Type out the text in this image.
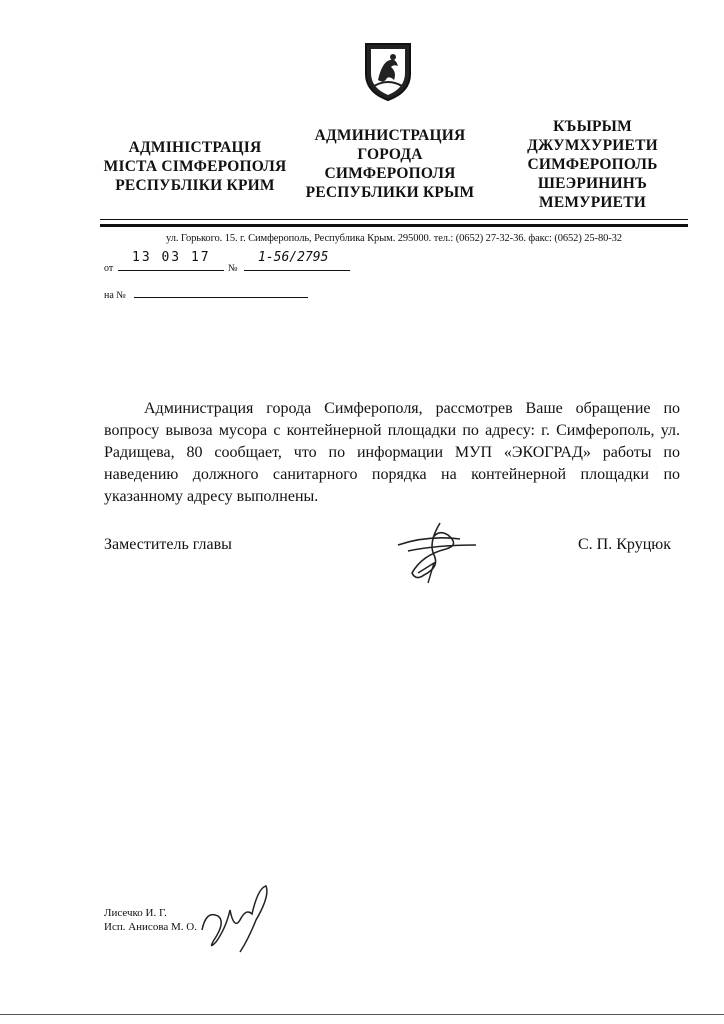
АДМІНІСТРАЦІЯ
МІСТА СІМФЕРОПОЛЯ
РЕСПУБЛІКИ КРИМ
АДМИНИСТРАЦИЯ
ГОРОДА
СИМФЕРОПОЛЯ
РЕСПУБЛИКИ КРЫМ
КЪЫРЫМ
ДЖУМХУРИЕТИ
СИМФЕРОПОЛЬ
ШЕЭРИНИНЪ
МЕМУРИЕТИ
ул. Горького. 15. г. Симферополь, Республика Крым. 295000. тел.: (0652) 27-32-36. факс: (0652) 25-80-32
от
13 03 17
№
1-56/2795
на №
Администрация города Симферополя, рассмотрев Ваше обращение по вопросу вывоза мусора с контейнерной площадки по адресу: г. Симферополь, ул. Радищева, 80 сообщает, что по информации МУП «ЭКОГРАД» работы по наведению должного санитарного порядка на контейнерной площадки по указанному адресу выполнены.
Заместитель главы	С. П. Круцюк
Лисечко И. Г.
Исп. Анисова М. О.
